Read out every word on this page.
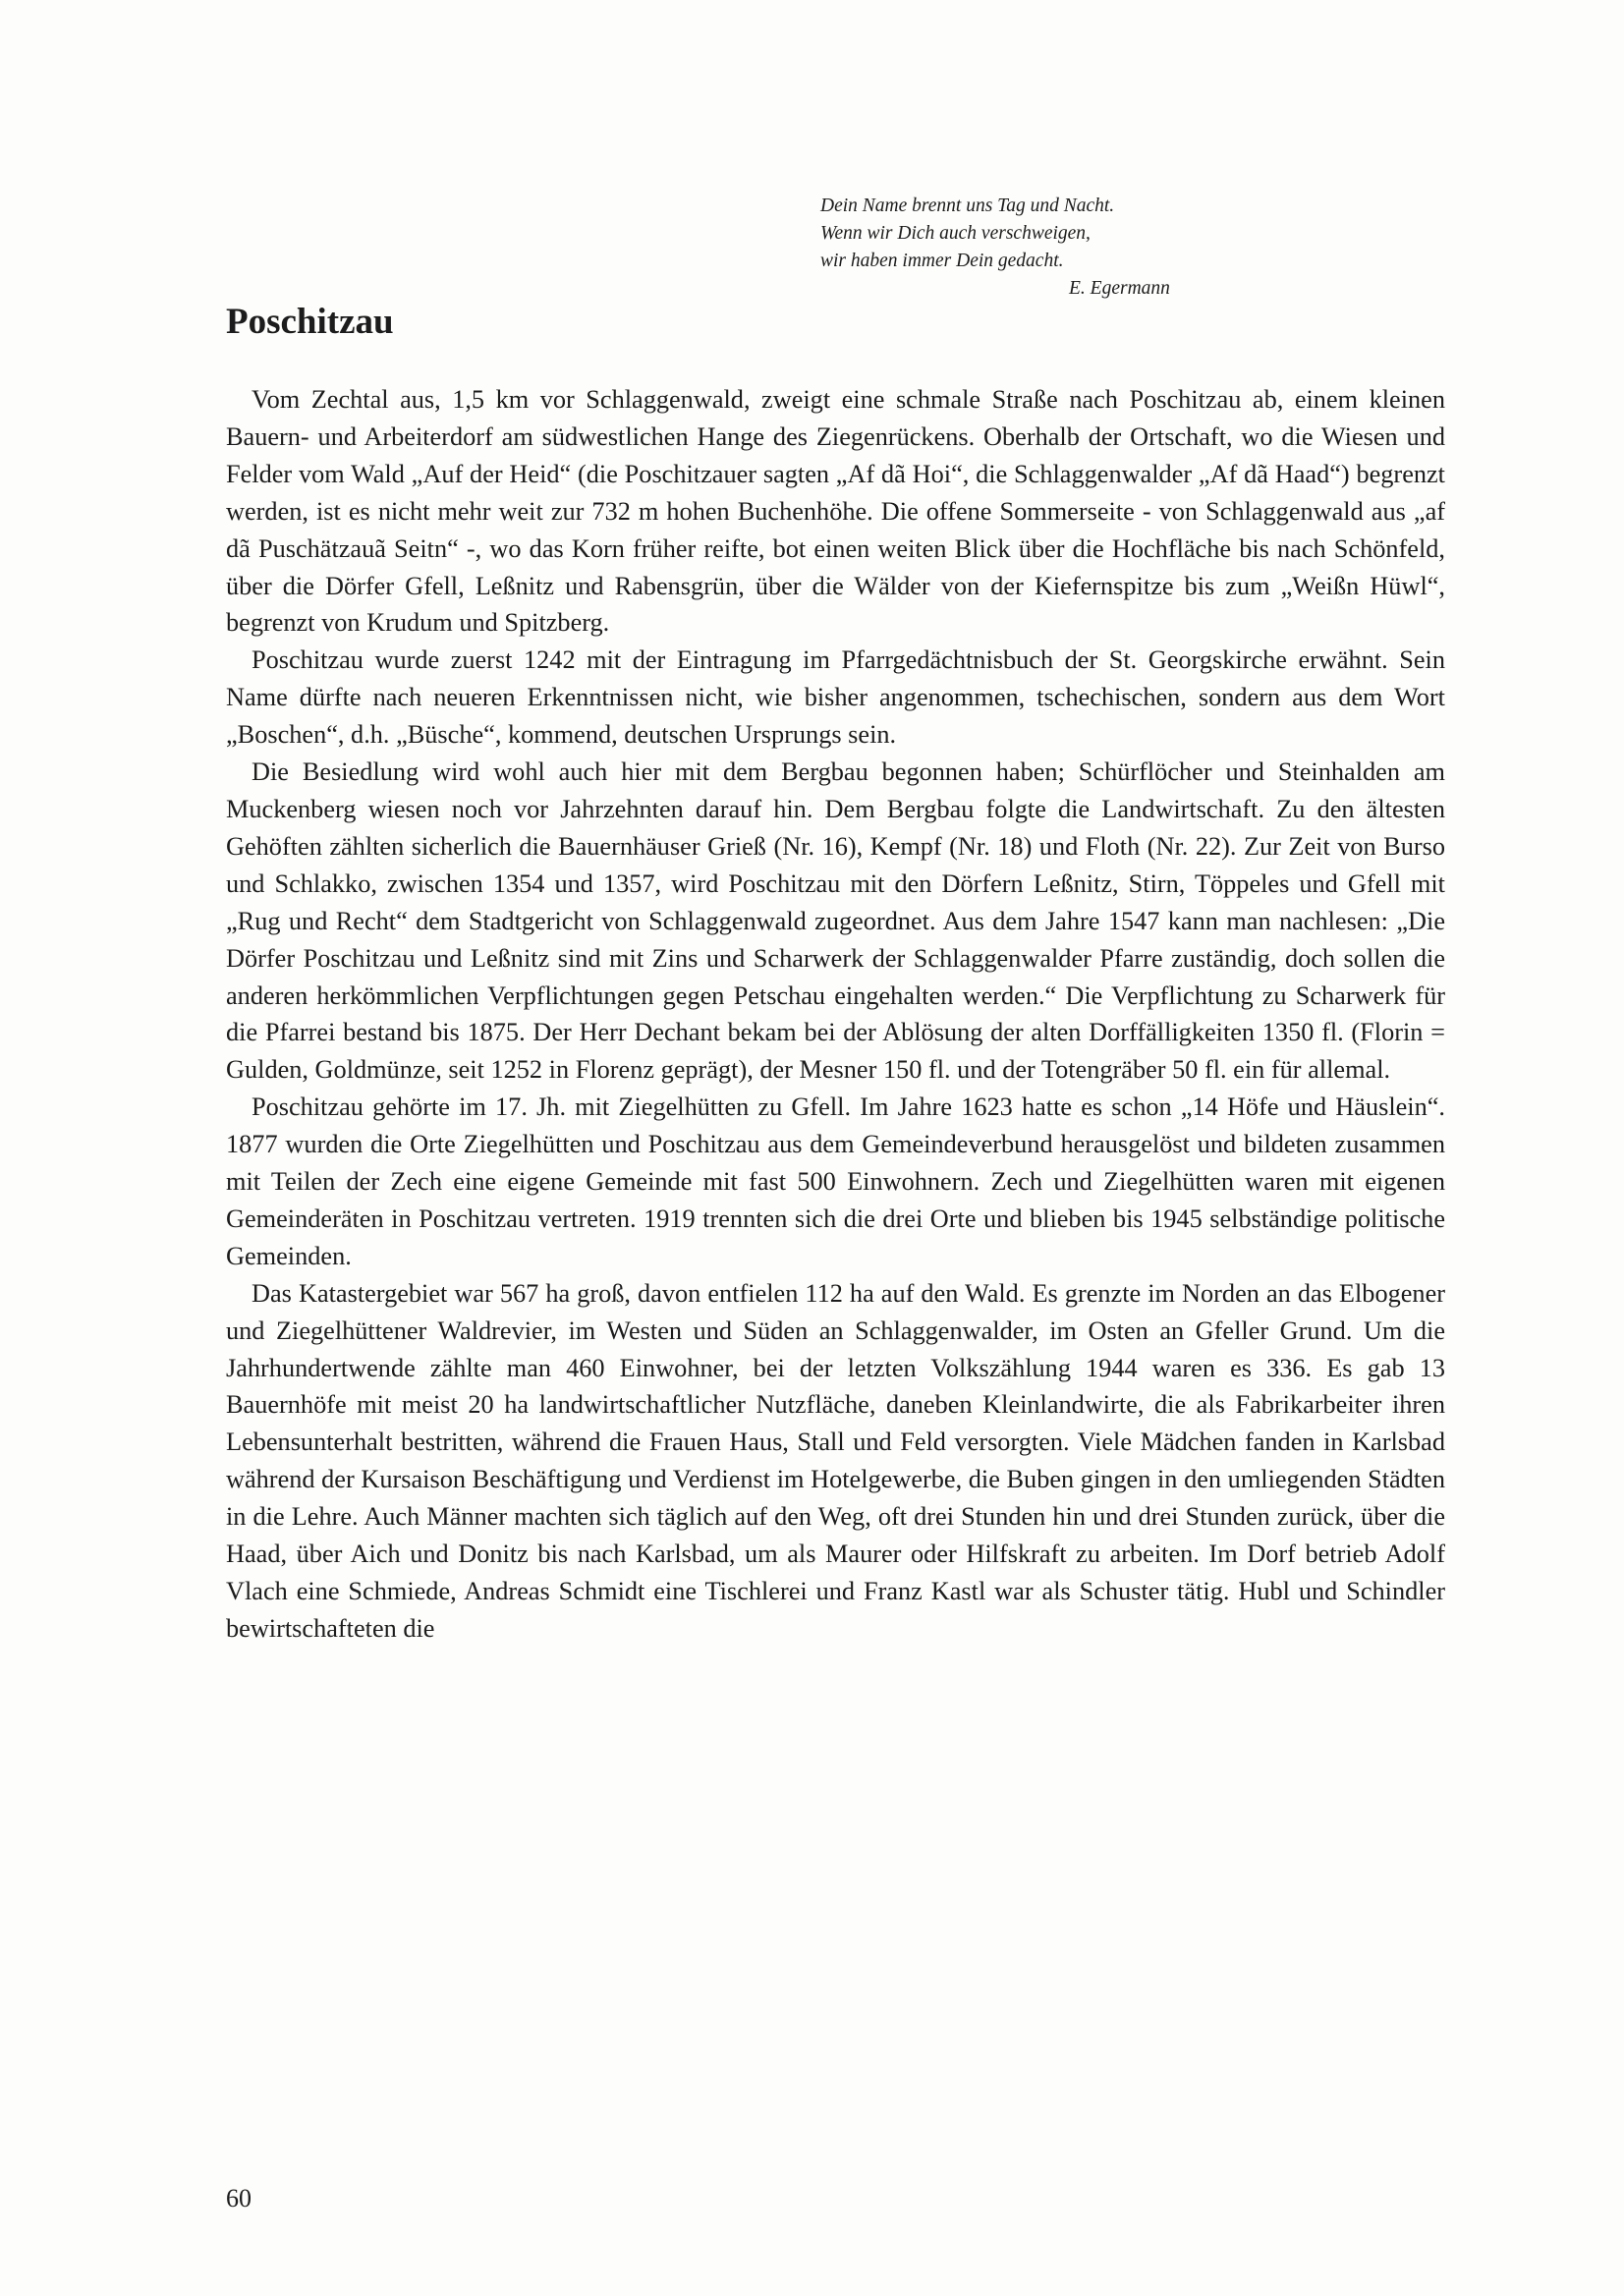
Dein Name brennt uns Tag und Nacht.
Wenn wir Dich auch verschweigen,
wir haben immer Dein gedacht.
E. Egermann
Poschitzau

Vom Zechtal aus, 1,5 km vor Schlaggenwald, zweigt eine schmale Straße nach Poschitzau ab, einem kleinen Bauern- und Arbeiterdorf am südwestlichen Hange des Ziegenrückens. Oberhalb der Ortschaft, wo die Wiesen und Felder vom Wald „Auf der Heid“ (die Poschitzauer sagten „Af dã Hoi“, die Schlaggenwalder „Af dã Haad“) begrenzt werden, ist es nicht mehr weit zur 732 m hohen Buchenhöhe. Die offene Sommerseite - von Schlaggenwald aus „af dã Puschätzauã Seitn“ -, wo das Korn früher reifte, bot einen weiten Blick über die Hochfläche bis nach Schönfeld, über die Dörfer Gfell, Leßnitz und Rabensgrün, über die Wälder von der Kiefernspitze bis zum „Weißn Hüwl“, begrenzt von Krudum und Spitzberg.

Poschitzau wurde zuerst 1242 mit der Eintragung im Pfarrgedächtnisbuch der St. Georgskirche erwähnt. Sein Name dürfte nach neueren Erkenntnissen nicht, wie bisher angenommen, tschechischen, sondern aus dem Wort „Boschen“, d.h. „Büsche“, kommend, deutschen Ursprungs sein.

Die Besiedlung wird wohl auch hier mit dem Bergbau begonnen haben; Schürflöcher und Steinhalden am Muckenberg wiesen noch vor Jahrzehnten darauf hin. Dem Bergbau folgte die Landwirtschaft. Zu den ältesten Gehöften zählten sicherlich die Bauernhäuser Grieß (Nr. 16), Kempf (Nr. 18) und Floth (Nr. 22). Zur Zeit von Burso und Schlakko, zwischen 1354 und 1357, wird Poschitzau mit den Dörfern Leßnitz, Stirn, Töppeles und Gfell mit „Rug und Recht“ dem Stadtgericht von Schlaggenwald zugeordnet. Aus dem Jahre 1547 kann man nachlesen: „Die Dörfer Poschitzau und Leßnitz sind mit Zins und Scharwerk der Schlaggenwalder Pfarre zuständig, doch sollen die anderen herkömmlichen Verpflichtungen gegen Petschau eingehalten werden.“ Die Verpflichtung zu Scharwerk für die Pfarrei bestand bis 1875. Der Herr Dechant bekam bei der Ablösung der alten Dorffälligkeiten 1350 fl. (Florin = Gulden, Goldmünze, seit 1252 in Florenz geprägt), der Mesner 150 fl. und der Totengräber 50 fl. ein für allemal.

Poschitzau gehörte im 17. Jh. mit Ziegelhütten zu Gfell. Im Jahre 1623 hatte es schon „14 Höfe und Häuslein“. 1877 wurden die Orte Ziegelhütten und Poschitzau aus dem Gemeindeverbund herausgelöst und bildeten zusammen mit Teilen der Zech eine eigene Gemeinde mit fast 500 Einwohnern. Zech und Ziegelhütten waren mit eigenen Gemeinderäten in Poschitzau vertreten. 1919 trennten sich die drei Orte und blieben bis 1945 selbständige politische Gemeinden.

Das Katastergebiet war 567 ha groß, davon entfielen 112 ha auf den Wald. Es grenzte im Norden an das Elbogener und Ziegelhüttener Waldrevier, im Westen und Süden an Schlaggenwalder, im Osten an Gfeller Grund. Um die Jahrhundertwende zählte man 460 Einwohner, bei der letzten Volkszählung 1944 waren es 336. Es gab 13 Bauernhöfe mit meist 20 ha landwirtschaftlicher Nutzfläche, daneben Kleinlandwirte, die als Fabrikarbeiter ihren Lebensunterhalt bestritten, während die Frauen Haus, Stall und Feld versorgten. Viele Mädchen fanden in Karlsbad während der Kursaison Beschäftigung und Verdienst im Hotelgewerbe, die Buben gingen in den umliegenden Städten in die Lehre. Auch Männer machten sich täglich auf den Weg, oft drei Stunden hin und drei Stunden zurück, über die Haad, über Aich und Donitz bis nach Karlsbad, um als Maurer oder Hilfskraft zu arbeiten. Im Dorf betrieb Adolf Vlach eine Schmiede, Andreas Schmidt eine Tischlerei und Franz Kastl war als Schuster tätig. Hubl und Schindler bewirtschafteten die

60
